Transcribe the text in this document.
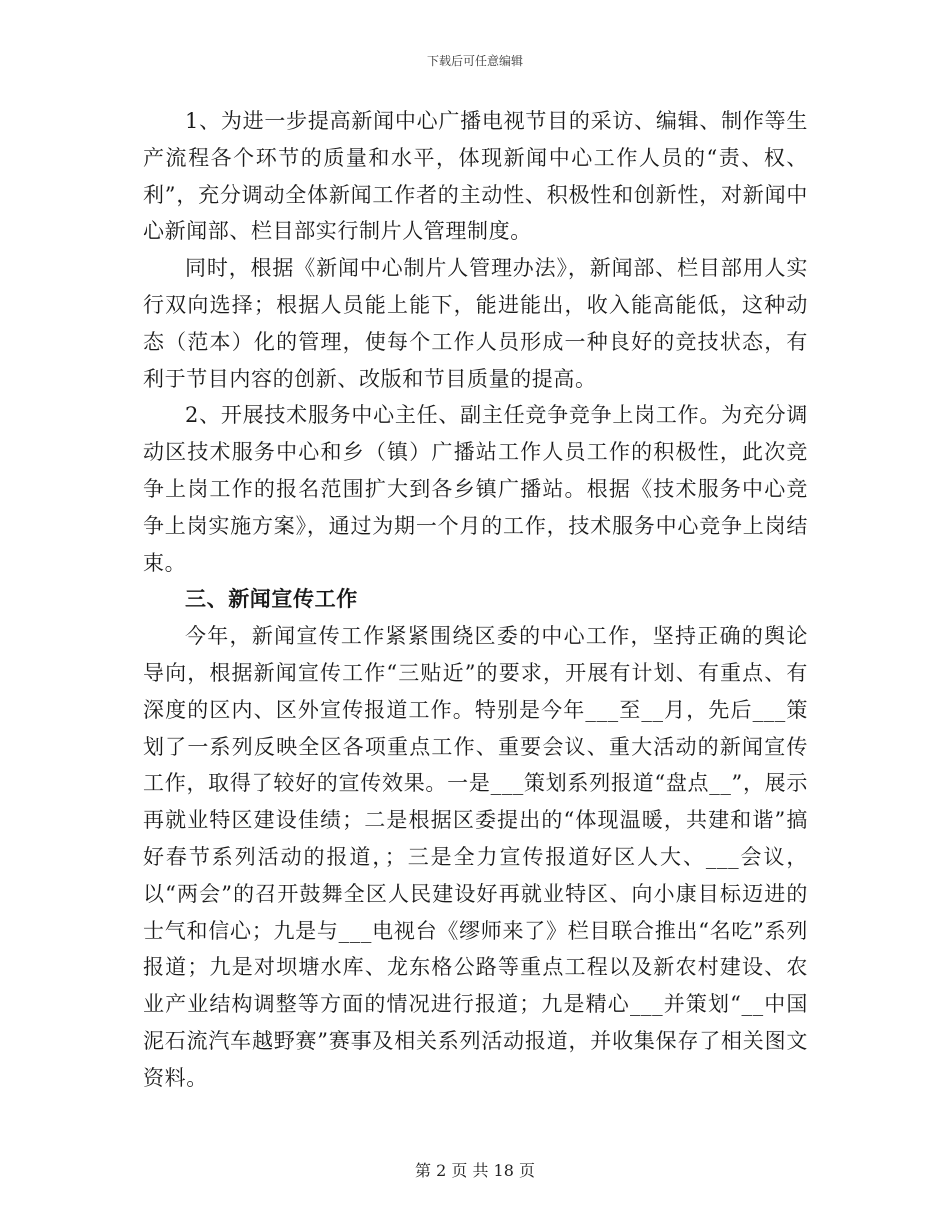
下载后可任意编辑

1、为进一步提高新闻中心广播电视节目的采访、编辑、制作等生产流程各个环节的质量和水平，体现新闻中心工作人员的“责、权、利”，充分调动全体新闻工作者的主动性、积极性和创新性，对新闻中心新闻部、栏目部实行制片人管理制度。

同时，根据《新闻中心制片人管理办法》，新闻部、栏目部用人实行双向选择；根据人员能上能下，能进能出，收入能高能低，这种动态（范本）化的管理，使每个工作人员形成一种良好的竞技状态，有利于节目内容的创新、改版和节目质量的提高。

2、开展技术服务中心主任、副主任竞争竞争上岗工作。为充分调动区技术服务中心和乡（镇）广播站工作人员工作的积极性，此次竞争上岗工作的报名范围扩大到各乡镇广播站。根据《技术服务中心竞争上岗实施方案》，通过为期一个月的工作，技术服务中心竞争上岗结束。

三、新闻宣传工作

今年，新闻宣传工作紧紧围绕区委的中心工作，坚持正确的舆论导向，根据新闻宣传工作“三贴近”的要求，开展有计划、有重点、有深度的区内、区外宣传报道工作。特别是今年___至__月，先后___策划了一系列反映全区各项重点工作、重要会议、重大活动的新闻宣传工作，取得了较好的宣传效果。一是___策划系列报道“盘点__”，展示再就业特区建设佳绩；二是根据区委提出的“体现温暖，共建和谐”搞好春节系列活动的报道，；三是全力宣传报道好区人大、___会议，以“两会”的召开鼓舞全区人民建设好再就业特区、向小康目标迈进的士气和信心；九是与___电视台《缪师来了》栏目联合推出“名吃”系列报道；九是对坝塘水库、龙东格公路等重点工程以及新农村建设、农业产业结构调整等方面的情况进行报道；九是精心___并策划“__中国泥石流汽车越野赛”赛事及相关系列活动报道，并收集保存了相关图文资料。

第 2 页 共 18 页
